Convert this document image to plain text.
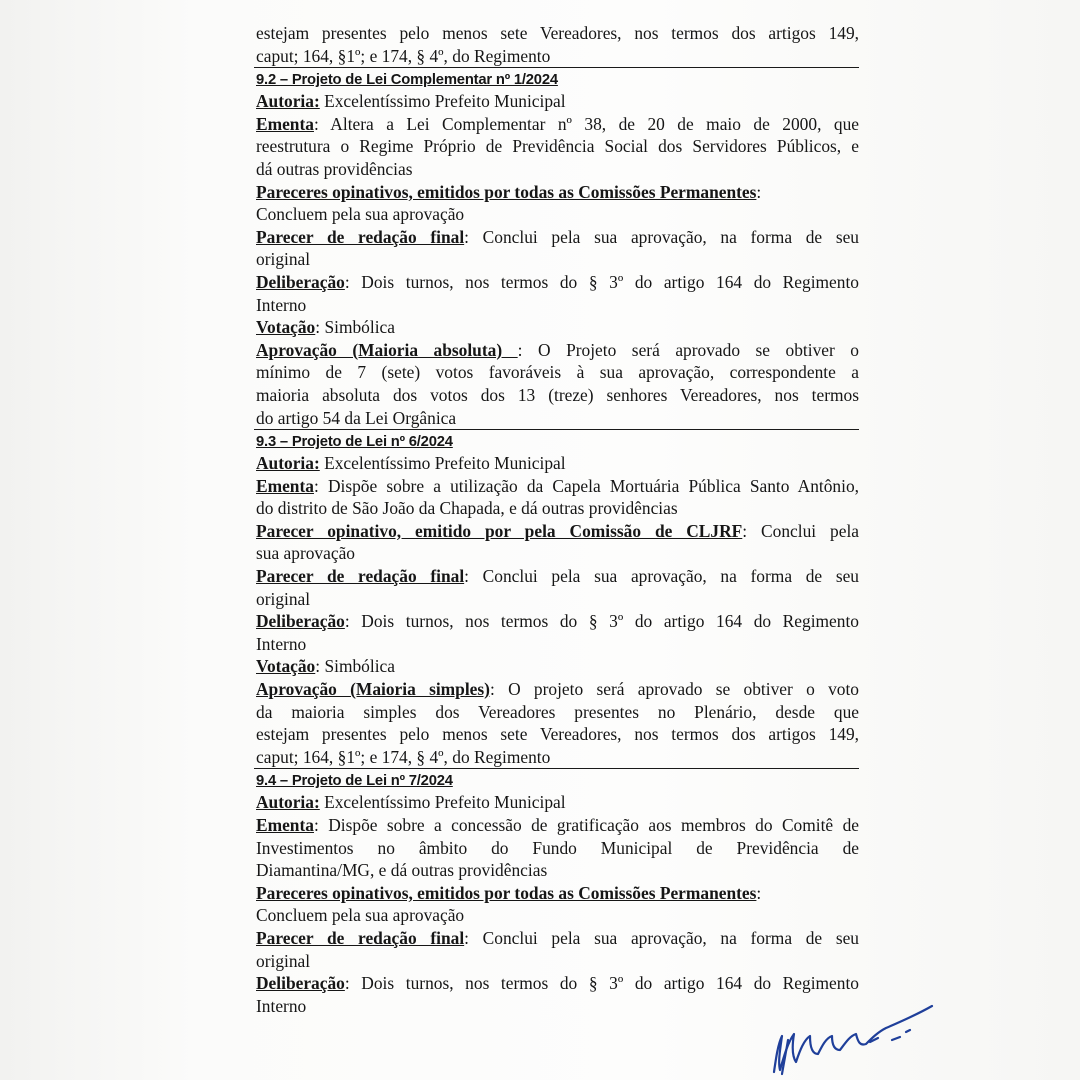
estejam presentes pelo menos sete Vereadores, nos termos dos artigos 149,
caput; 164, §1º; e 174, § 4º, do Regimento
9.2 – Projeto de Lei Complementar nº 1/2024
Autoria: Excelentíssimo Prefeito Municipal
Ementa: Altera a Lei Complementar nº 38, de 20 de maio de 2000, que
reestrutura o Regime Próprio de Previdência Social dos Servidores Públicos, e
dá outras providências
Pareceres opinativos, emitidos por todas as Comissões Permanentes:
Concluem pela sua aprovação
Parecer de redação final: Conclui pela sua aprovação, na forma de seu
original
Deliberação: Dois turnos, nos termos do § 3º do artigo 164 do Regimento
Interno
Votação: Simbólica
Aprovação (Maioria absoluta) : O Projeto será aprovado se obtiver o
mínimo de 7 (sete) votos favoráveis à sua aprovação, correspondente a
maioria absoluta dos votos dos 13 (treze) senhores Vereadores, nos termos
do artigo 54 da Lei Orgânica
9.3 – Projeto de Lei nº 6/2024
Autoria: Excelentíssimo Prefeito Municipal
Ementa: Dispõe sobre a utilização da Capela Mortuária Pública Santo Antônio,
do distrito de São João da Chapada, e dá outras providências
Parecer opinativo, emitido por pela Comissão de CLJRF: Conclui pela
sua aprovação
Parecer de redação final: Conclui pela sua aprovação, na forma de seu
original
Deliberação: Dois turnos, nos termos do § 3º do artigo 164 do Regimento
Interno
Votação: Simbólica
Aprovação (Maioria simples): O projeto será aprovado se obtiver o voto
da maioria simples dos Vereadores presentes no Plenário, desde que
estejam presentes pelo menos sete Vereadores, nos termos dos artigos 149,
caput; 164, §1º; e 174, § 4º, do Regimento
9.4 – Projeto de Lei nº 7/2024
Autoria: Excelentíssimo Prefeito Municipal
Ementa: Dispõe sobre a concessão de gratificação aos membros do Comitê de
Investimentos no âmbito do Fundo Municipal de Previdência de
Diamantina/MG, e dá outras providências
Pareceres opinativos, emitidos por todas as Comissões Permanentes:
Concluem pela sua aprovação
Parecer de redação final: Conclui pela sua aprovação, na forma de seu
original
Deliberação: Dois turnos, nos termos do § 3º do artigo 164 do Regimento
Interno
